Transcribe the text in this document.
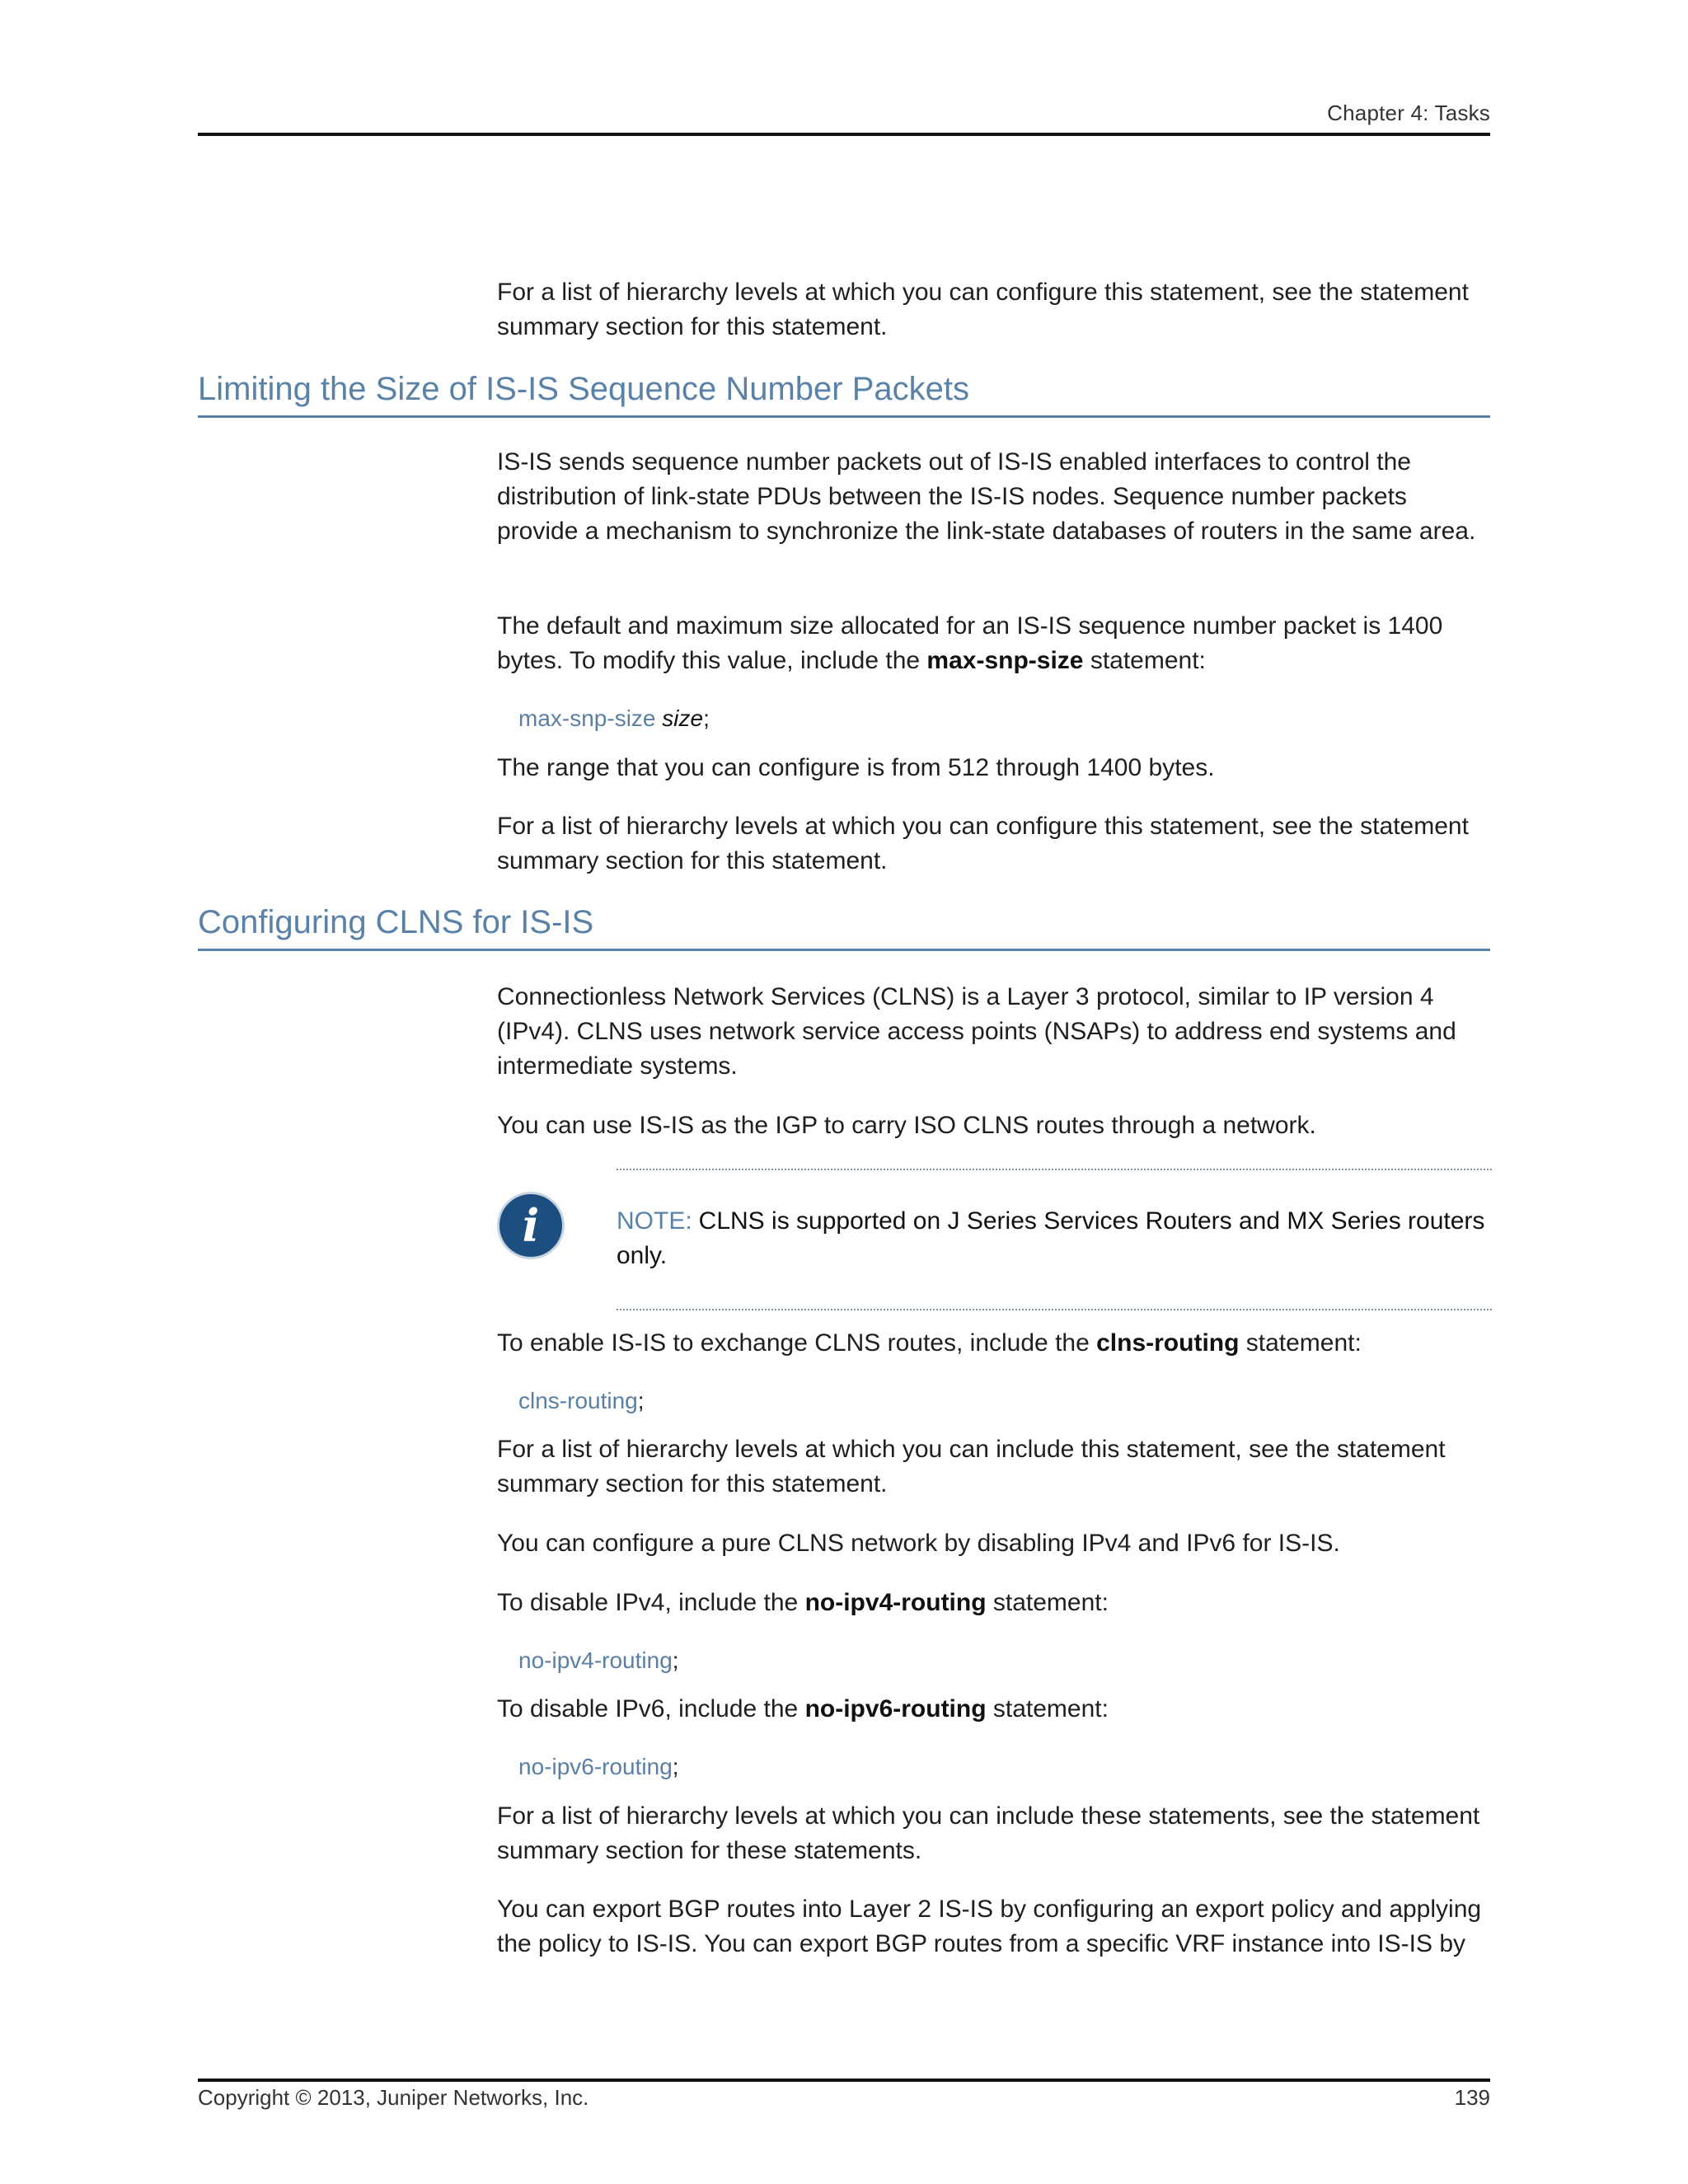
Chapter 4: Tasks

For a list of hierarchy levels at which you can configure this statement, see the statement summary section for this statement.

Limiting the Size of IS-IS Sequence Number Packets

IS-IS sends sequence number packets out of IS-IS enabled interfaces to control the distribution of link-state PDUs between the IS-IS nodes. Sequence number packets provide a mechanism to synchronize the link-state databases of routers in the same area.

The default and maximum size allocated for an IS-IS sequence number packet is 1400 bytes. To modify this value, include the max-snp-size statement:

max-snp-size size;

The range that you can configure is from 512 through 1400 bytes.

For a list of hierarchy levels at which you can configure this statement, see the statement summary section for this statement.

Configuring CLNS for IS-IS

Connectionless Network Services (CLNS) is a Layer 3 protocol, similar to IP version 4 (IPv4). CLNS uses network service access points (NSAPs) to address end systems and intermediate systems.

You can use IS-IS as the IGP to carry ISO CLNS routes through a network.

i	NOTE: CLNS is supported on J Series Services Routers and MX Series routers only.

To enable IS-IS to exchange CLNS routes, include the clns-routing statement:

clns-routing;

For a list of hierarchy levels at which you can include this statement, see the statement summary section for this statement.

You can configure a pure CLNS network by disabling IPv4 and IPv6 for IS-IS.

To disable IPv4, include the no-ipv4-routing statement:

no-ipv4-routing;

To disable IPv6, include the no-ipv6-routing statement:

no-ipv6-routing;

For a list of hierarchy levels at which you can include these statements, see the statement summary section for these statements.

You can export BGP routes into Layer 2 IS-IS by configuring an export policy and applying the policy to IS-IS. You can export BGP routes from a specific VRF instance into IS-IS by

Copyright © 2013, Juniper Networks, Inc.	139
